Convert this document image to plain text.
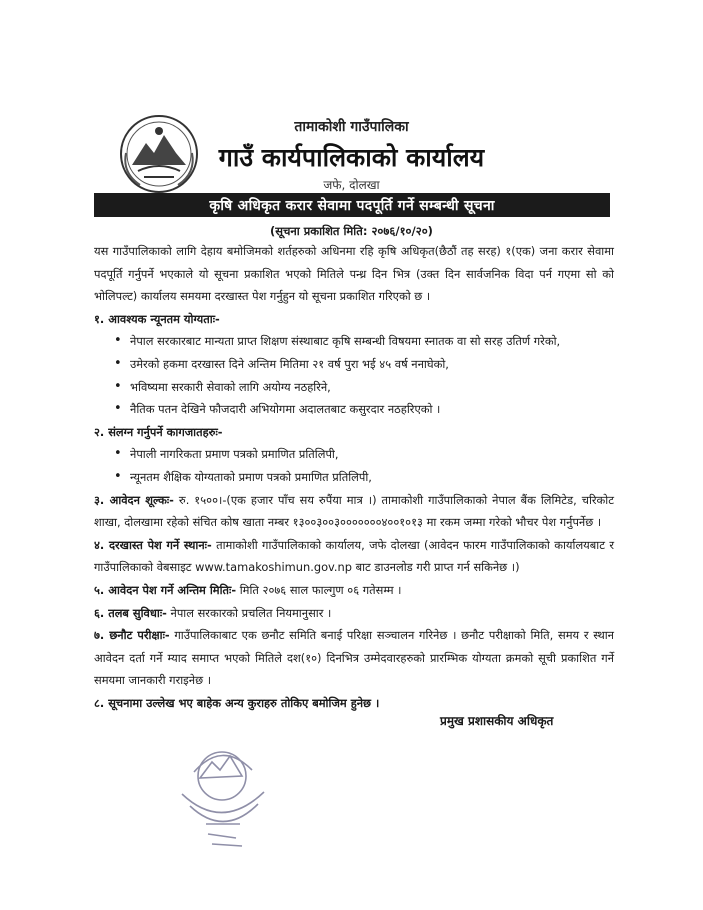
तामाकोशी गाउँपालिका
गाउँ कार्यपालिकाको कार्यालय
जफे, दोलखा
कृषि अधिकृत करार सेवामा पदपूर्ति गर्ने सम्बन्धी सूचना
(सूचना प्रकाशित मिति: २०७६/१०/२०)

यस गाउँपालिकाको लागि देहाय बमोजिमको शर्तहरुको अधिनमा रहि कृषि अधिकृत(छैठौं तह सरह) १(एक) जना करार सेवामा पदपूर्ति गर्नुपर्ने भएकाले यो सूचना प्रकाशित भएको मितिले पन्ध्र दिन भित्र (उक्त दिन सार्वजनिक विदा पर्न गएमा सो को भोलिपल्ट) कार्यालय समयमा दरखास्त पेश गर्नुहुन यो सूचना प्रकाशित गरिएको छ ।

१. आवश्यक न्यूनतम योग्यताः-

• नेपाल सरकारबाट मान्यता प्राप्त शिक्षण संस्थाबाट कृषि सम्बन्धी विषयमा स्नातक वा सो सरह उतिर्ण गरेको,
• उमेरको हकमा दरखास्त दिने अन्तिम मितिमा २१ वर्ष पुरा भई ४५ वर्ष ननाघेको,
• भविष्यमा सरकारी सेवाको लागि अयोग्य नठहरिने,
• नैतिक पतन देखिने फौजदारी अभियोगमा अदालतबाट कसुरदार नठहरिएको ।

२. संलग्न गर्नुपर्ने कागजातहरुः-

• नेपाली नागरिकता प्रमाण पत्रको प्रमाणित प्रतिलिपी,
• न्यूनतम शैक्षिक योग्यताको प्रमाण पत्रको प्रमाणित प्रतिलिपी,

३. आवेदन शूल्कः- रु. १५००।-(एक हजार पाँच सय रुपैंया मात्र ।) तामाकोशी गाउँपालिकाको नेपाल बैंक लिमिटेड, चरिकोट शाखा, दोलखामा रहेको संचित कोष खाता नम्बर १३००३००३०००००००४००१०१३ मा रकम जम्मा गरेको भौचर पेश गर्नुपर्नेछ ।

४. दरखास्त पेश गर्ने स्थानः- तामाकोशी गाउँपालिकाको कार्यालय, जफे दोलखा (आवेदन फारम गाउँपालिकाको कार्यालयबाट र गाउँपालिकाको वेबसाइट www.tamakoshimun.gov.np बाट डाउनलोड गरी प्राप्त गर्न सकिनेछ ।)

५. आवेदन पेश गर्ने अन्तिम मितिः- मिति २०७६ साल फाल्गुण ०६ गतेसम्म ।

६. तलब सुविधाः- नेपाल सरकारको प्रचलित नियमानुसार ।

७. छनौट परीक्षाः- गाउँपालिकाबाट एक छनौट समिति बनाई परिक्षा सञ्चालन गरिनेछ । छनौट परीक्षाको मिति, समय र स्थान आवेदन दर्ता गर्ने म्याद समाप्त भएको मितिले दश(१०) दिनभित्र उम्मेदवारहरुको प्रारम्भिक योग्यता क्रमको सूची प्रकाशित गर्ने समयमा जानकारी गराइनेछ ।

८. सूचनामा उल्लेख भए बाहेक अन्य कुराहरु तोकिए बमोजिम हुनेछ ।

प्रमुख प्रशासकीय अधिकृत
